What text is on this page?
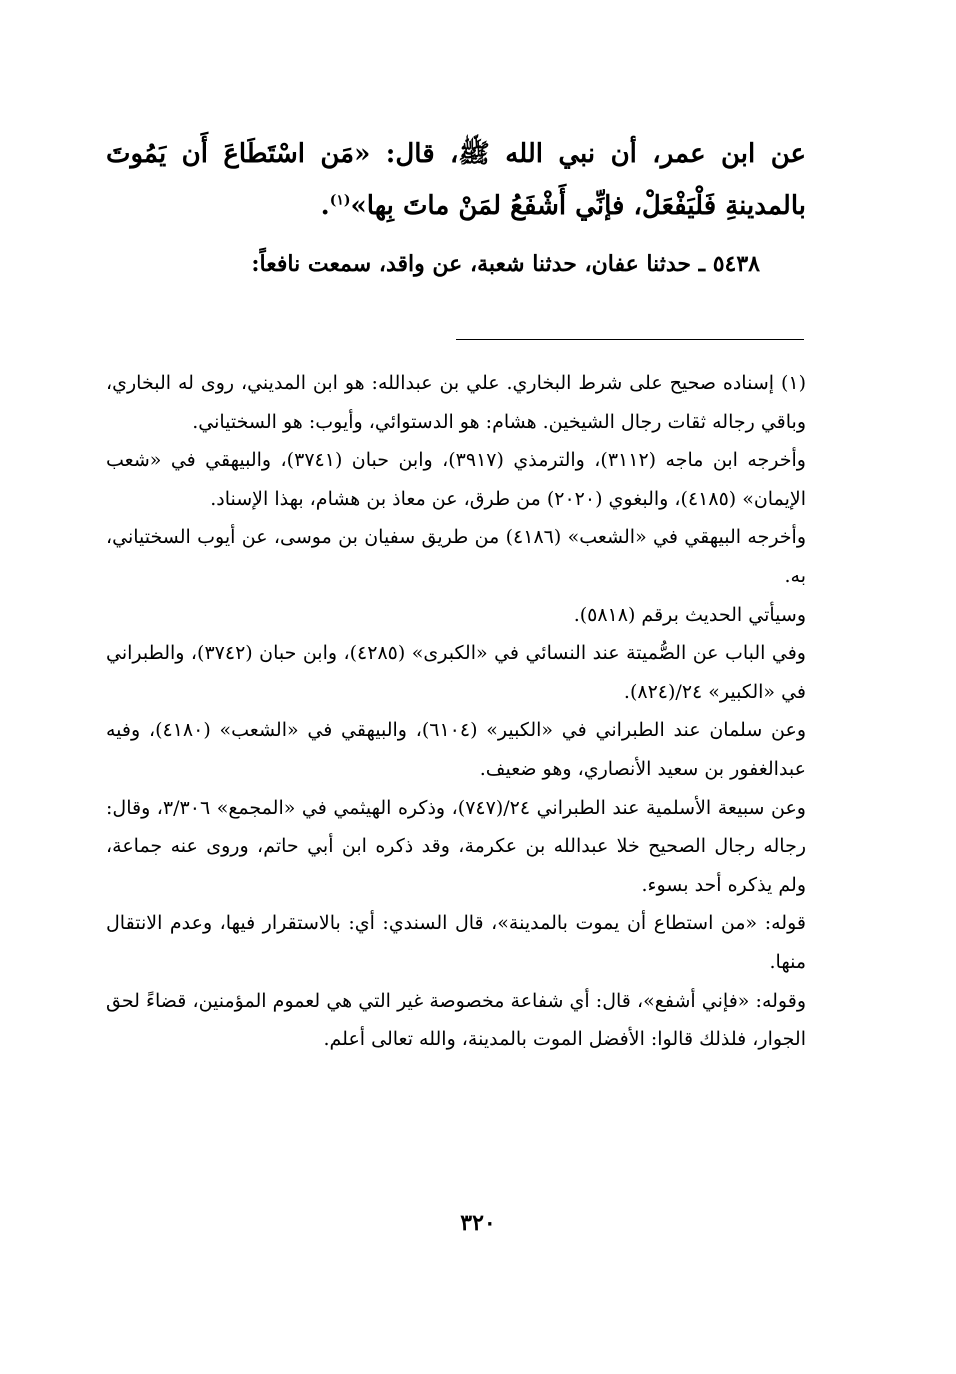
عن ابن عمر، أن نبي الله ﷺ، قال: «مَن اسْتَطَاعَ أَن يَمُوتَ بالمدينةِ فَلْيَفْعَلْ، فإنِّي أَشْفَعُ لمَنْ ماتَ بِها»$^{(١)}$.

٥٤٣٨ ـ حدثنا عفان، حدثنا شعبة، عن واقد، سمعت نافعاً:

(١) إسناده صحيح على شرط البخاري. علي بن عبدالله: هو ابن المديني، روى له البخاري، وباقي رجاله ثقات رجال الشيخين. هشام: هو الدستوائي، وأيوب: هو السختياني.

وأخرجه ابن ماجه (٣١١٢)، والترمذي (٣٩١٧)، وابن حبان (٣٧٤١)، والبيهقي في «شعب الإيمان» (٤١٨٥)، والبغوي (٢٠٢٠) من طرق، عن معاذ بن هشام، بهذا الإسناد.

وأخرجه البيهقي في «الشعب» (٤١٨٦) من طريق سفيان بن موسى، عن أيوب السختياني، به.

وسيأتي الحديث برقم (٥٨١٨).

وفي الباب عن الصُّميتة عند النسائي في «الكبرى» (٤٢٨٥)، وابن حبان (٣٧٤٢)، والطبراني في «الكبير» ٢٤/(٨٢٤).

وعن سلمان عند الطبراني في «الكبير» (٦١٠٤)، والبيهقي في «الشعب» (٤١٨٠)، وفيه عبدالغفور بن سعيد الأنصاري، وهو ضعيف.

وعن سبيعة الأسلمية عند الطبراني ٢٤/(٧٤٧)، وذكره الهيثمي في «المجمع» ٣/٣٠٦، وقال: رجاله رجال الصحيح خلا عبدالله بن عكرمة، وقد ذكره ابن أبي حاتم، وروى عنه جماعة، ولم يذكره أحد بسوء.

قوله: «من استطاع أن يموت بالمدينة»، قال السندي: أي: بالاستقرار فيها، وعدم الانتقال منها.

وقوله: «فإني أشفع»، قال: أي شفاعة مخصوصة غير التي هي لعموم المؤمنين، قضاءً لحق الجوار، فلذلك قالوا: الأفضل الموت بالمدينة، والله تعالى أعلم.

٣٢٠
